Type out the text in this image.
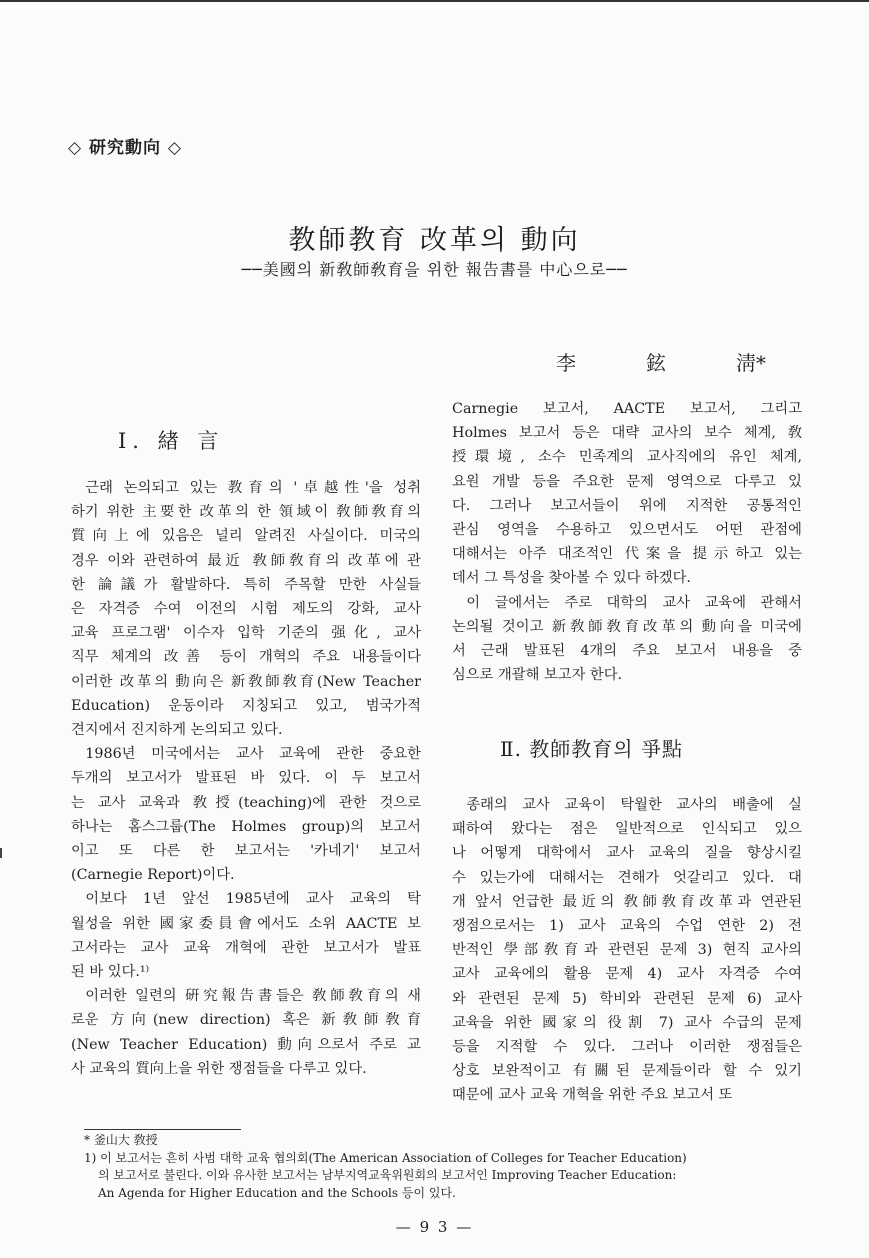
◇ 研究動向 ◇
教師教育 改革의 動向
──美國의 新敎師敎育을 위한 報告書를 中心으로──
李	鉉	淸*
Ⅰ. 緖 言
근래 논의되고 있는 教育의 '卓越性'을 성취
하기 위한 主要한 改革의 한 領域이 敎師敎育의
質向上에 있음은 널리 알려진 사실이다. 미국의
경우 이와 관련하여 最近 敎師敎育의 改革에 관
한 論議가 활발하다. 특히 주목할 만한 사실들
은 자격증 수여 이전의 시험 제도의 강화, 교사
교육 프로그램' 이수자 입학 기준의 强化, 교사
직무 체계의 改善 등이 개혁의 주요 내용들이다
이러한 改革의 動向은 新敎師敎育(New Teacher
Education) 운동이라 지칭되고 있고, 범국가적
견지에서 진지하게 논의되고 있다.
1986년 미국에서는 교사 교육에 관한 중요한
두개의 보고서가 발표된 바 있다. 이 두 보고서
는 교사 교육과 敎授(teaching)에 관한 것으로
하나는 홈스그룹(The Holmes group)의 보고서
이고 또 다른 한 보고서는 '카네기' 보고서
(Carnegie Report)이다.
이보다 1년 앞선 1985년에 교사 교육의 탁
월성을 위한 國家委員會에서도 소위 AACTE 보
고서라는 교사 교육 개혁에 관한 보고서가 발표
된 바 있다.¹⁾
이러한 일련의 硏究報告書들은 敎師敎育의 새
로운 方向(new direction) 혹은 新敎師敎育
(New Teacher Education) 動向으로서 주로 교
사 교육의 質向上을 위한 쟁점들을 다루고 있다.
Carnegie 보고서, AACTE 보고서, 그리고
Holmes 보고서 등은 대략 교사의 보수 체계, 敎
授環境, 소수 민족계의 교사직에의 유인 체계,
요원 개발 등을 주요한 문제 영역으로 다루고 있
다. 그러나 보고서들이 위에 지적한 공통적인
관심 영역을 수용하고 있으면서도 어떤 관점에
대해서는 아주 대조적인 代案을 提示하고 있는
데서 그 특성을 찾아볼 수 있다 하겠다.
이 글에서는 주로 대학의 교사 교육에 관해서
논의될 것이고 新敎師敎育改革의 動向을 미국에
서 근래 발표된 4개의 주요 보고서 내용을 중
심으로 개괄해 보고자 한다.
Ⅱ. 教師教育의 爭點
종래의 교사 교육이 탁월한 교사의 배출에 실
패하여 왔다는 점은 일반적으로 인식되고 있으
나 어떻게 대학에서 교사 교육의 질을 향상시킬
수 있는가에 대해서는 견해가 엇갈리고 있다. 대
개 앞서 언급한 最近의 敎師敎育改革과 연관된
쟁점으로서는 1) 교사 교육의 수업 연한 2) 전
반적인 學部敎育과 관련된 문제 3) 현직 교사의
교사 교육에의 활용 문제 4) 교사 자격증 수여
와 관련된 문제 5) 학비와 관련된 문제 6) 교사
교육을 위한 國家의 役割 7) 교사 수급의 문제
등을 지적할 수 있다. 그러나 이러한 쟁점들은
상호 보완적이고 有關된 문제들이라 할 수 있기
때문에 교사 교육 개혁을 위한 주요 보고서 또
* 釜山大 敎授
1) 이 보고서는 흔히 사범 대학 교육 협의회(The American Association of Colleges for Teacher Education)
의 보고서로 불린다. 이와 유사한 보고서는 남부지역교육위원회의 보고서인 Improving Teacher Education:
An Agenda for Higher Education and the Schools 등이 있다.
— 9 3 —
